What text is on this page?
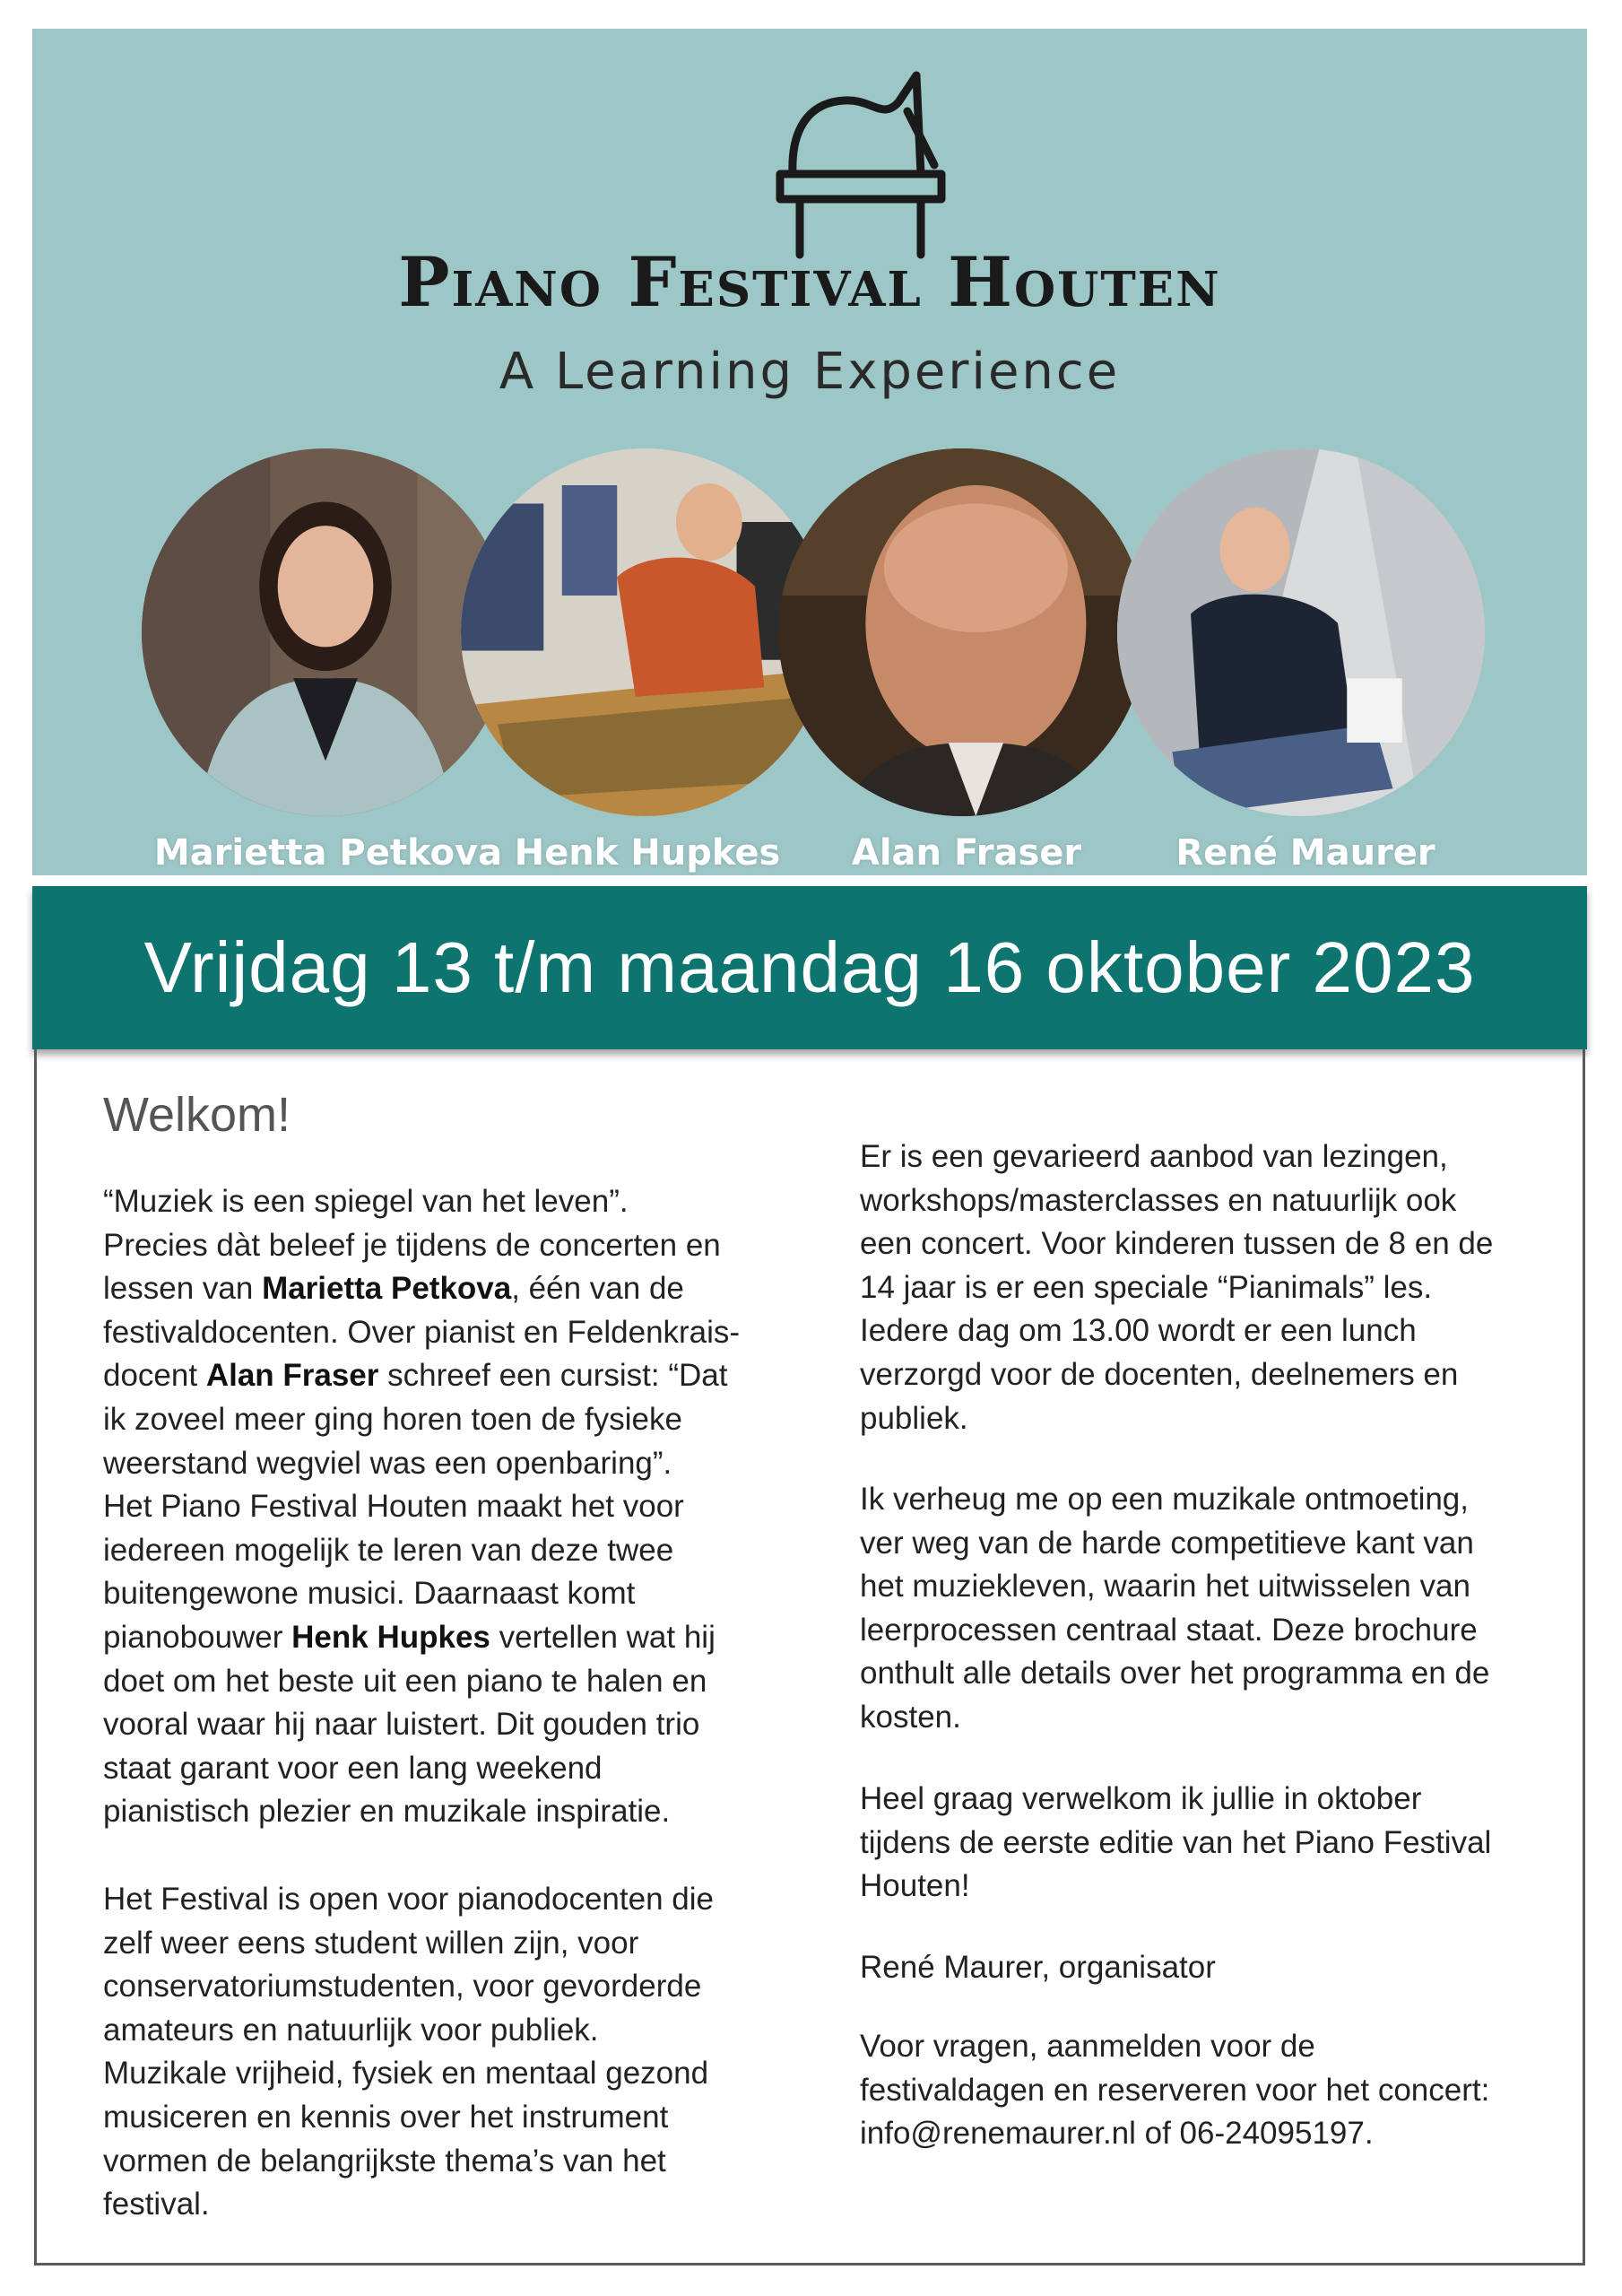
Piano Festival Houten
A Learning Experience
Marietta Petkova Henk Hupkes	Alan Fraser	René Maurer
Vrijdag 13 t/m maandag 16 oktober 2023
Welkom!

“Muziek is een spiegel van het leven”.
Precies dàt beleef je tijdens de concerten en
lessen van Marietta Petkova, één van de
festivaldocenten. Over pianist en Feldenkrais-
docent Alan Fraser schreef een cursist: “Dat
ik zoveel meer ging horen toen de fysieke
weerstand wegviel was een openbaring”.
Het Piano Festival Houten maakt het voor
iedereen mogelijk te leren van deze twee
buitengewone musici. Daarnaast komt
pianobouwer Henk Hupkes vertellen wat hij
doet om het beste uit een piano te halen en
vooral waar hij naar luistert. Dit gouden trio
staat garant voor een lang weekend
pianistisch plezier en muzikale inspiratie.

Het Festival is open voor pianodocenten die
zelf weer eens student willen zijn, voor
conservatoriumstudenten, voor gevorderde
amateurs en natuurlijk voor publiek.
Muzikale vrijheid, fysiek en mentaal gezond
musiceren en kennis over het instrument
vormen de belangrijkste thema’s van het
festival.

Er is een gevarieerd aanbod van lezingen,
workshops/masterclasses en natuurlijk ook
een concert. Voor kinderen tussen de 8 en de
14 jaar is er een speciale “Pianimals” les.
Iedere dag om 13.00 wordt er een lunch
verzorgd voor de docenten, deelnemers en
publiek.

Ik verheug me op een muzikale ontmoeting,
ver weg van de harde competitieve kant van
het muziekleven, waarin het uitwisselen van
leerprocessen centraal staat. Deze brochure
onthult alle details over het programma en de
kosten.

Heel graag verwelkom ik jullie in oktober
tijdens de eerste editie van het Piano Festival
Houten!

René Maurer, organisator

Voor vragen, aanmelden voor de
festivaldagen en reserveren voor het concert:
info@renemaurer.nl of 06-24095197.
